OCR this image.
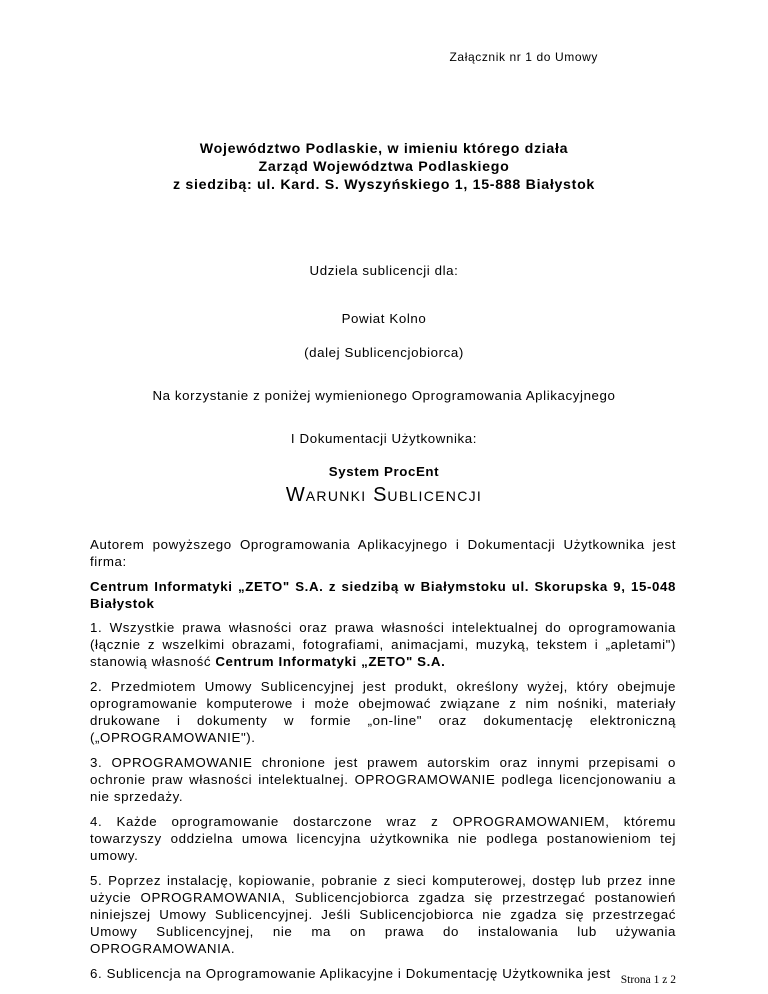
Załącznik nr 1 do Umowy
Województwo Podlaskie, w imieniu którego działa
Zarząd Województwa Podlaskiego
z siedzibą: ul. Kard. S. Wyszyńskiego 1, 15-888 Białystok
Udziela sublicencji dla:
Powiat Kolno
(dalej Sublicencjobiorca)
Na korzystanie z poniżej wymienionego Oprogramowania Aplikacyjnego
I Dokumentacji Użytkownika:
System ProcEnt
WARUNKI SUBLICENCJI

Autorem powyższego Oprogramowania Aplikacyjnego i Dokumentacji Użytkownika jest firma:

Centrum Informatyki „ZETO" S.A. z siedzibą w Białymstoku ul. Skorupska 9, 15-048 Białystok

1. Wszystkie prawa własności oraz prawa własności intelektualnej do oprogramowania (łącznie z wszelkimi obrazami, fotografiami, animacjami, muzyką, tekstem i „apletami") stanowią własność Centrum Informatyki „ZETO" S.A.

2. Przedmiotem Umowy Sublicencyjnej jest produkt, określony wyżej, który obejmuje oprogramowanie komputerowe i może obejmować związane z nim nośniki, materiały drukowane i dokumenty w formie „on-line" oraz dokumentację elektroniczną („OPROGRAMOWANIE").

3. OPROGRAMOWANIE chronione jest prawem autorskim oraz innymi przepisami o ochronie praw własności intelektualnej. OPROGRAMOWANIE podlega licencjonowaniu a nie sprzedaży.

4. Każde oprogramowanie dostarczone wraz z OPROGRAMOWANIEM, któremu towarzyszy oddzielna umowa licencyjna użytkownika nie podlega postanowieniom tej umowy.

5. Poprzez instalację, kopiowanie, pobranie z sieci komputerowej, dostęp lub przez inne użycie OPROGRAMOWANIA, Sublicencjobiorca zgadza się przestrzegać postanowień niniejszej Umowy Sublicencyjnej. Jeśli Sublicencjobiorca nie zgadza się przestrzegać Umowy Sublicencyjnej, nie ma on prawa do instalowania lub używania OPROGRAMOWANIA.

6. Sublicencja na Oprogramowanie Aplikacyjne i Dokumentację Użytkownika jest Strona 1 z 2
